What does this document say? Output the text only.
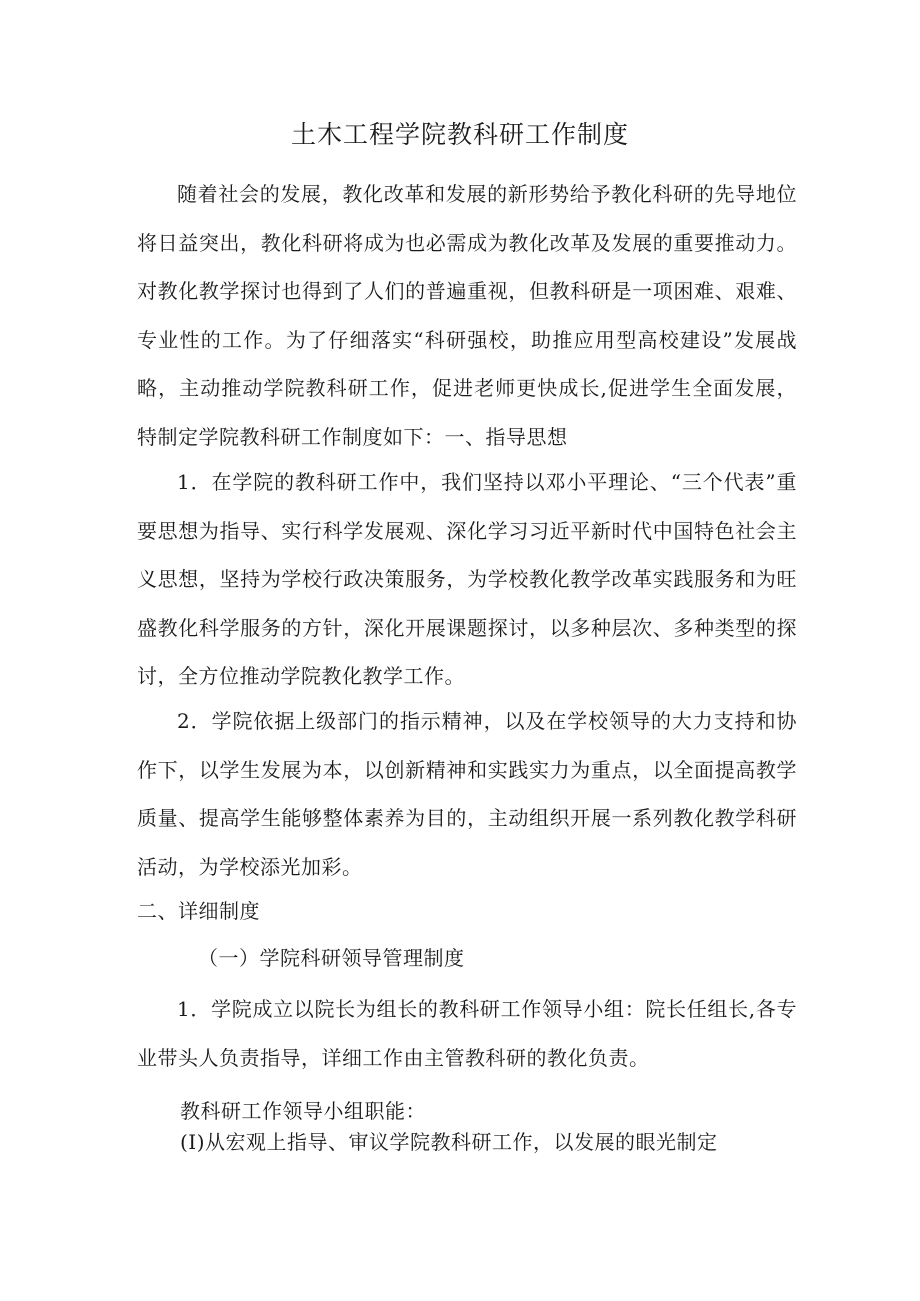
土木工程学院教科研工作制度

随着社会的发展，教化改革和发展的新形势给予教化科研的先导地位将日益突出，教化科研将成为也必需成为教化改革及发展的重要推动力。对教化教学探讨也得到了人们的普遍重视，但教科研是一项困难、艰难、专业性的工作。为了仔细落实“科研强校，助推应用型高校建设”发展战略，主动推动学院教科研工作，促进老师更快成长,促进学生全面发展，特制定学院教科研工作制度如下：一、指导思想

1．在学院的教科研工作中，我们坚持以邓小平理论、“三个代表”重要思想为指导、实行科学发展观、深化学习习近平新时代中国特色社会主义思想，坚持为学校行政决策服务，为学校教化教学改革实践服务和为旺盛教化科学服务的方针，深化开展课题探讨，以多种层次、多种类型的探讨，全方位推动学院教化教学工作。

2．学院依据上级部门的指示精神，以及在学校领导的大力支持和协作下，以学生发展为本，以创新精神和实践实力为重点，以全面提高教学质量、提高学生能够整体素养为目的，主动组织开展一系列教化教学科研活动，为学校添光加彩。

二、详细制度
（一）学院科研领导管理制度

1．学院成立以院长为组长的教科研工作领导小组：院长任组长,各专业带头人负责指导，详细工作由主管教科研的教化负责。

教科研工作领导小组职能：
(I)从宏观上指导、审议学院教科研工作，以发展的眼光制定
